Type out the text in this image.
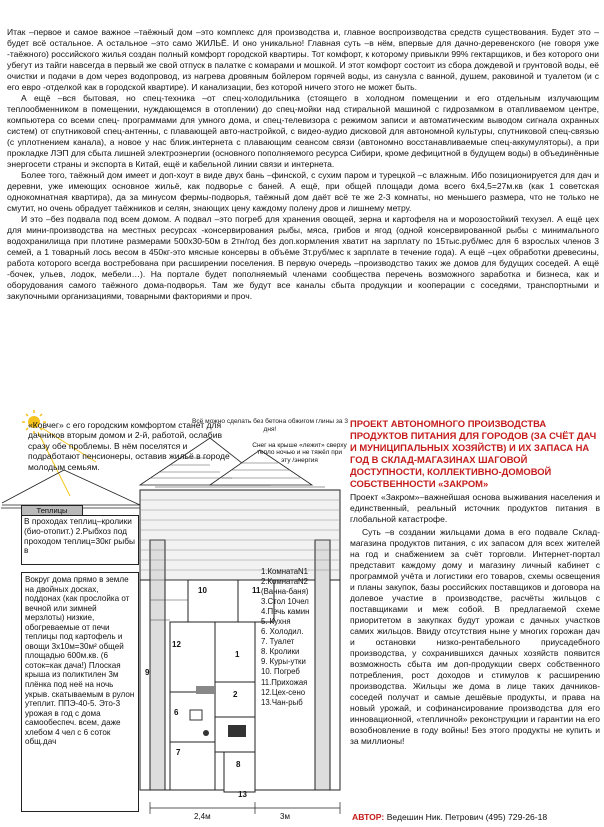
Итак –первое и самое важное –таёжный дом –это комплекс для производства и, главное воспроизводства средств существования. Будет это –будет всё остальное. А остальное –это само ЖИЛЬЁ. И оно уникально! Главная суть –в нём, впервые для дачно-деревенского (не говоря уже -таёжного) российского жилья создан полный комфорт городской квартиры. Тот комфорт, к которому привыкли 99% гектарщиков, и без которого они убегут из тайги навсегда в первый же свой отпуск в палатке с комарами и мошкой. И этот комфорт состоит из сбора дождевой и грунтовой воды, её очистки и подачи в дом через водопровод, из нагрева дровяным бойлером горячей воды, из санузла с ванной, душем, раковиной и туалетом (и с его евро -отделкой как в городской квартире). И канализации, без которой ничего этого не может быть.

А ещё –вся бытовая, но спец-техника –от спец-холодильника (стоящего в холодном помещении и его отдельным излучающим теплообменником в помещении, нуждающемся в отоплении) до спец-мойки над стиральной машиной с гидрозамком в отапливаемом центре, компьютера со всеми спец- программами для умного дома, и спец-телевизора с режимом записи и автоматическим выводом сигнала охранных систем) от спутниковой спец-антенны, с плавающей авто-настройкой, с видео-аудио дисковой для автономной культуры, спутниковой спец-связью (с уплотнением канала), а новое у нас ближ.интернета с плавающим сеансом связи (автономно восстанавливаемые спец-аккумуляторы), а при прокладке ЛЭП для сбыта лишней электроэнергии (основного пополняемого ресурса Сибири, кроме дефицитной в будущем воды) в объединённые энергосети страны и экспорта в Китай, ещё и кабельной линии связи и интернета.

Более того, таёжный дом имеет и доп-хоут в виде двух бань –финской, с сухим паром и турецкой –с влажным. Ибо позиционируется для дач и деревни, уже имеющих основное жильё, как подворье с баней. А ещё, при общей площади дома всего 6х4,5=27м.кв (как 1 советская однокомнатная квартира), да за минусом фермы-подворья, таёжный дом даёт всё те же 2-3 комнаты, но меньшего размера, что не только не смутит, но очень обрадует таёжников и селян, знающих цену каждому полену дров и лишнему метру.

И это –без подвала под всем домом. А подвал –это погреб для хранения овощей, зерна и картофеля на и морозостойкий техузел. А ещё цех для мини-производства на местных ресурсах -консервирования рыбы, мяса, грибов и ягод (одной консервированной рыбы с минимального водохранилища при плотине размерами 500х30-50м в 2тн/год без доп.кормления хватит на зарплату по 15тыс.руб/мес для 6 взрослых членов 3 семей, а 1 товарный лось весом в 450кг-это мясные консервы в объёме 3т.руб/мес к зарплате в течение года). А ещё –цех обработки древесины, работа которого всегда востребована при расширении поселения. В первую очередь –производство таких же домов для будущих соседей. А ещё -бочек, ульев, лодок, мебели…). На портале будет пополняемый членами сообщества перечень возможного заработка и бизнеса, как и оборудования самого таёжного дома-подворья. Там же будут все каналы сбыта продукции и кооперации с соседями, транспортными и закупочными организациями, товарными факториями и проч.

«Ковчег» с его городским комфортом станет для дачников вторым домом и 2-й, работой, ослабив сразу обе проблемы. В нём поселятся и подработают пенсионеры, оставив жильё в городе молодым семьям.
Всё можно сделать без бетона обжигом глины за 3 дня!
Снег на крыше «лежит» сверху тепло ночью и не тяжёл при эту /энергия
Теплицы
В проходах теплиц–кролики (био-отопит.) 2.Рыбхоз под проходом теплиц=30кг рыбы в
Вокруг дома прямо в земле на двойных досках, поддонах (как прослойка от вечной или зимней мерзлоты) низкие, обогреваемые от печи теплицы под картофель и овощи 3х10м=30м² общей площадью 600м.кв. (6 соток=как дача!) Плоская крыша из поликтилен 3м плёнка под неё на ночь укрыв. скатываемым в рулон утеплит. ППЭ-40-5. Это-3 урожая в год с дома самообеспеч. всем, даже хлебом 4 чел с 6 соток общ.дач
10	11
9
12
1
2
6
7
8
13
1.КомнатаN1
2.КомнатаN2
(Ванна-баня)
3.Стол 10чел
4.Печь камин
5. Кухня
6. Холодил.
7. Туалет
8. Кролики
9. Куры-утки
10. Погреб
11.Прихожая
12.Цех-сено
13.Чан-рыб
2,4м	3м
ПРОЕКТ АВТОНОМНОГО ПРОИЗВОДСТВА ПРОДУКТОВ ПИТАНИЯ ДЛЯ ГОРОДОВ (ЗА СЧЁТ ДАЧ И МУНИЦИПАЛЬНЫХ ХОЗЯЙСТВ) И ИХ ЗАПАСА НА ГОД В СКЛАД-МАГАЗИНАХ ШАГОВОЙ ДОСТУПНОСТИ, КОЛЛЕКТИВНО-ДОМОВОЙ СОБСТВЕННОСТИ «ЗАКРОМ»

Проект «Закром»–важнейшая основа выживания населения и единственный, реальный источник продуктов питания в глобальной катастрофе.

Суть –в создании жильцами дома в его подвале Склад-магазина продуктов питания, с их запасом для всех жителей на год и снабжением за счёт торговли. Интернет-портал представит каждому дому и магазину личный кабинет с программой учёта и логистики его товаров, схемы освещения и планы закупок, базы российских поставщиков и договора на долевое участие в производстве, расчёты жильцов с поставщиками и меж собой. В предлагаемой схеме приоритетом в закупках будут урожаи с дачных участков самих жильцов. Ввиду отсутствия ныне у многих горожан дач и остановки низко-рентабельного приусадебного производства, у сохранившихся дачных хозяйств появится возможность сбыта им доп-продукции сверх собственного потребления, рост доходов и стимулов к расширению производства. Жильцы же дома в лице таких дачников-соседей получат и самые дешёвые продукты, и права на новый урожай, и софинансирование производства для его инновационной, «тепличной» реконструкции и гарантии на его возобновление в году войны! Без этого продукты не купить и за миллионы!

АВТОР: Ведешин Ник. Петрович (495) 729-26-18
